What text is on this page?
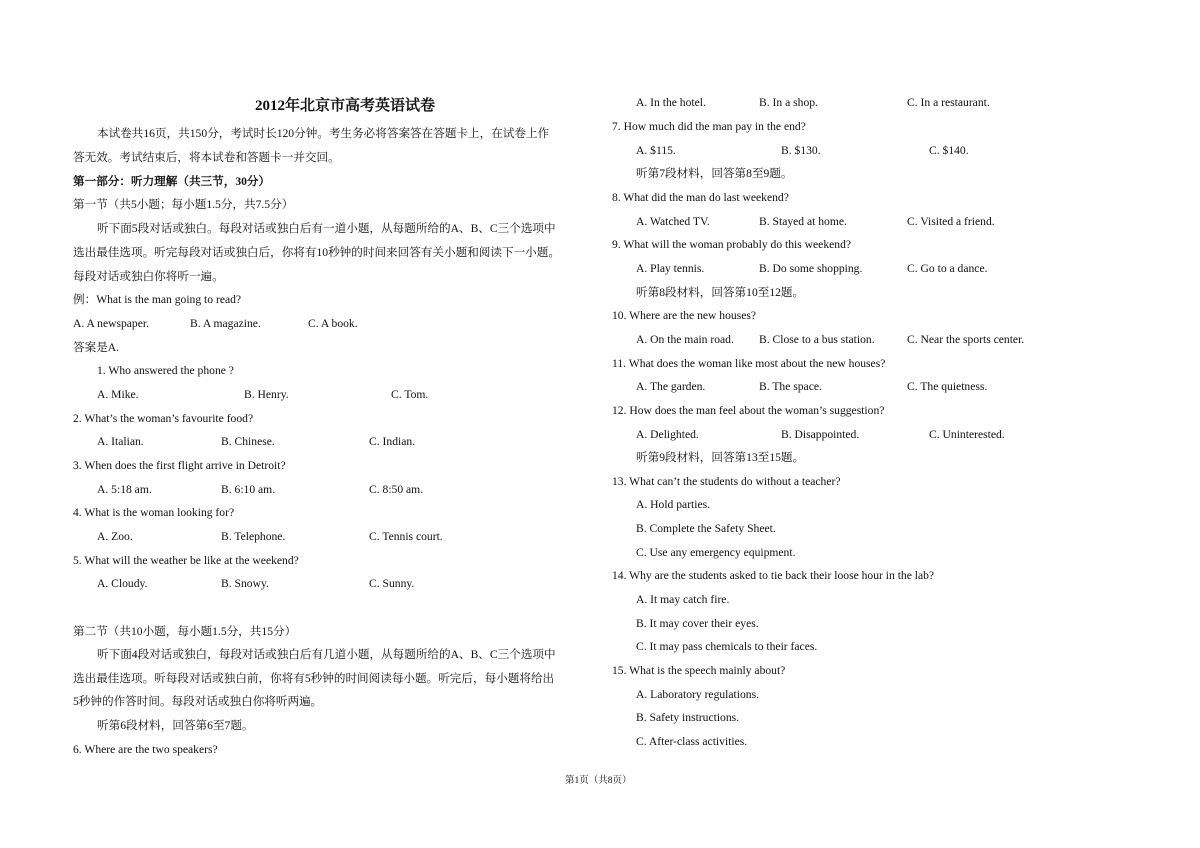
2012年北京市高考英语试卷
本试卷共16页，共150分，考试时长120分钟。考生务必将答案答在答题卡上，在试卷上作
答无效。考试结束后，将本试卷和答题卡一并交回。
第一部分：听力理解（共三节，30分）
第一节（共5小题；每小题1.5分，共7.5分）
听下面5段对话或独白。每段对话或独白后有一道小题，从每题所给的A、B、C三个选项中
选出最佳选项。听完每段对话或独白后，你将有10秒钟的时间来回答有关小题和阅读下一小题。
每段对话或独白你将听一遍。
例：What is the man going to read?
A. A newspaper.	B. A magazine.	C. A book.
答案是A.
1. Who answered the phone ?
A. Mike.	B. Henry.	C. Tom.
2. What’s the woman’s favourite food?
A. Italian.	B. Chinese.	C. Indian.
3. When does the first flight arrive in Detroit?
A. 5:18 am.	B. 6:10 am.	C. 8:50 am.
4. What is the woman looking for?
A. Zoo.	B. Telephone.	C. Tennis court.
5. What will the weather be like at the weekend?
A. Cloudy.	B. Snowy.	C. Sunny.
第二节（共10小题，每小题1.5分，共15分）
听下面4段对话或独白，每段对话或独白后有几道小题，从每题所给的A、B、C三个选项中
选出最佳选项。听每段对话或独白前，你将有5秒钟的时间阅读每小题。听完后，每小题将给出
5秒钟的作答时间。每段对话或独白你将听两遍。
听第6段材料，回答第6至7题。
6. Where are the two speakers?
A. In the hotel.	B. In a shop.	C. In a restaurant.
7. How much did the man pay in the end?
A. $115.	B. $130.	C. $140.
听第7段材料，回答第8至9题。
8. What did the man do last weekend?
A. Watched TV.	B. Stayed at home.	C. Visited a friend.
9. What will the woman probably do this weekend?
A. Play tennis.	B. Do some shopping.	C. Go to a dance.
听第8段材料，回答第10至12题。
10. Where are the new houses?
A. On the main road. B. Close to a bus station.	C. Near the sports center.
11. What does the woman like most about the new houses?
A. The garden.	B. The space.	C. The quietness.
12. How does the man feel about the woman’s suggestion?
A. Delighted.	B. Disappointed.	C. Uninterested.
听第9段材料，回答第13至15题。
13. What can’t the students do without a teacher?
A. Hold parties.
B. Complete the Safety Sheet.
C. Use any emergency equipment.
14. Why are the students asked to tie back their loose hour in the lab?
A. It may catch fire.
B. It may cover their eyes.
C. It may pass chemicals to their faces.
15. What is the speech mainly about?
A. Laboratory regulations.
B. Safety instructions.
C. After-class activities.
第1页（共8页）
